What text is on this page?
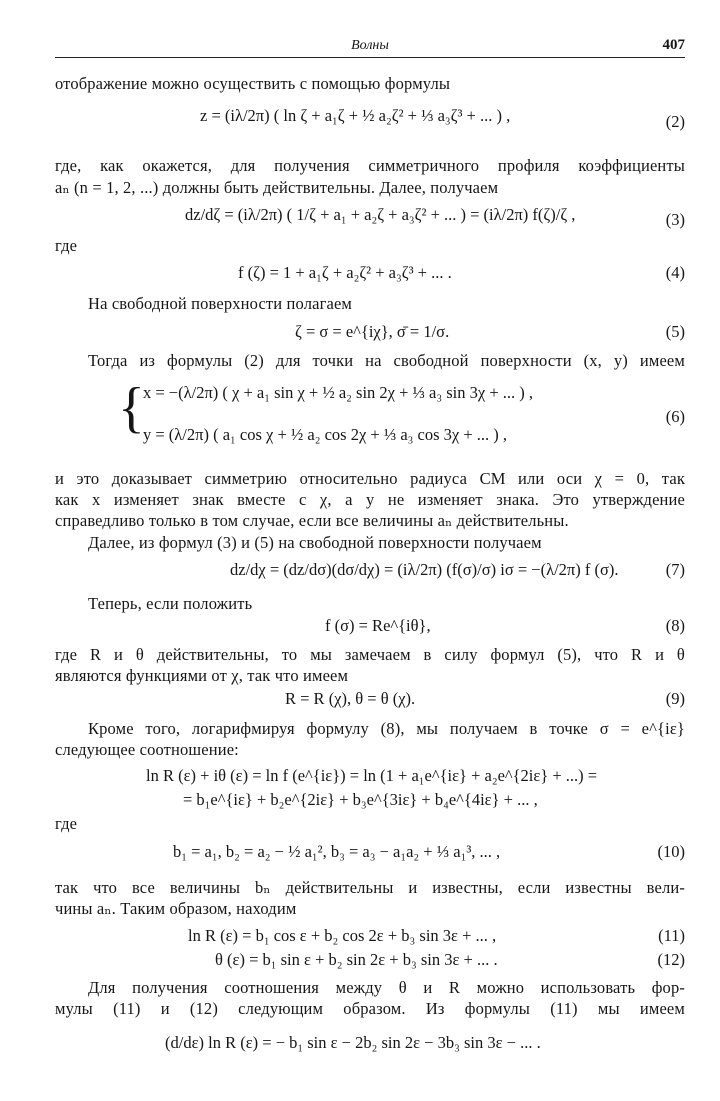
Волны	407
отображение можно осуществить с помощью формулы
z = (iλ/2π) ( ln ζ + a₁ζ + ½ a₂ζ² + ⅓ a₃ζ³ + ... ) ,	(2)
где, как окажется, для получения симметричного профиля коэффициенты
aₙ (n = 1, 2, ...) должны быть действительны. Далее, получаем
dz/dζ = (iλ/2π) ( 1/ζ + a₁ + a₂ζ + a₃ζ² + ... ) = (iλ/2π) f(ζ)/ζ ,	(3)
где
f (ζ) = 1 + a₁ζ + a₂ζ² + a₃ζ³ + ... .	(4)
На свободной поверхности полагаем
ζ = σ = e^{iχ}, σ̄ = 1/σ.	(5)
Тогда из формулы (2) для точки на свободной поверхности (x, y) имеем
{
x = −(λ/2π) ( χ + a₁ sin χ + ½ a₂ sin 2χ + ⅓ a₃ sin 3χ + ... ) ,
y = (λ/2π) ( a₁ cos χ + ½ a₂ cos 2χ + ⅓ a₃ cos 3χ + ... ) ,
(6)
и это доказывает симметрию относительно радиуса CM или оси χ = 0, так
как x изменяет знак вместе с χ, а y не изменяет знака. Это утверждение
справедливо только в том случае, если все величины aₙ действительны.
Далее, из формул (3) и (5) на свободной поверхности получаем
dz/dχ = (dz/dσ)(dσ/dχ) = (iλ/2π) (f(σ)/σ) iσ = −(λ/2π) f (σ).	(7)
Теперь, если положить
f (σ) = Re^{iθ},	(8)
где R и θ действительны, то мы замечаем в силу формул (5), что R и θ
являются функциями от χ, так что имеем
R = R (χ), θ = θ (χ).	(9)
Кроме того, логарифмируя формулу (8), мы получаем в точке σ = e^{iε}
следующее соотношение:
ln R (ε) + iθ (ε) = ln f (e^{iε}) = ln (1 + a₁e^{iε} + a₂e^{2iε} + ...) =
= b₁e^{iε} + b₂e^{2iε} + b₃e^{3iε} + b₄e^{4iε} + ... ,
где
b₁ = a₁, b₂ = a₂ − ½ a₁², b₃ = a₃ − a₁a₂ + ⅓ a₁³, ... ,	(10)
так что все величины bₙ действительны и известны, если известны вели-
чины aₙ. Таким образом, находим
ln R (ε) = b₁ cos ε + b₂ cos 2ε + b₃ sin 3ε + ... ,	(11)
θ (ε) = b₁ sin ε + b₂ sin 2ε + b₃ sin 3ε + ... .	(12)
Для получения соотношения между θ и R можно использовать фор-
мулы (11) и (12) следующим образом. Из формулы (11) мы имеем
(d/dε) ln R (ε) = − b₁ sin ε − 2b₂ sin 2ε − 3b₃ sin 3ε − ... .
